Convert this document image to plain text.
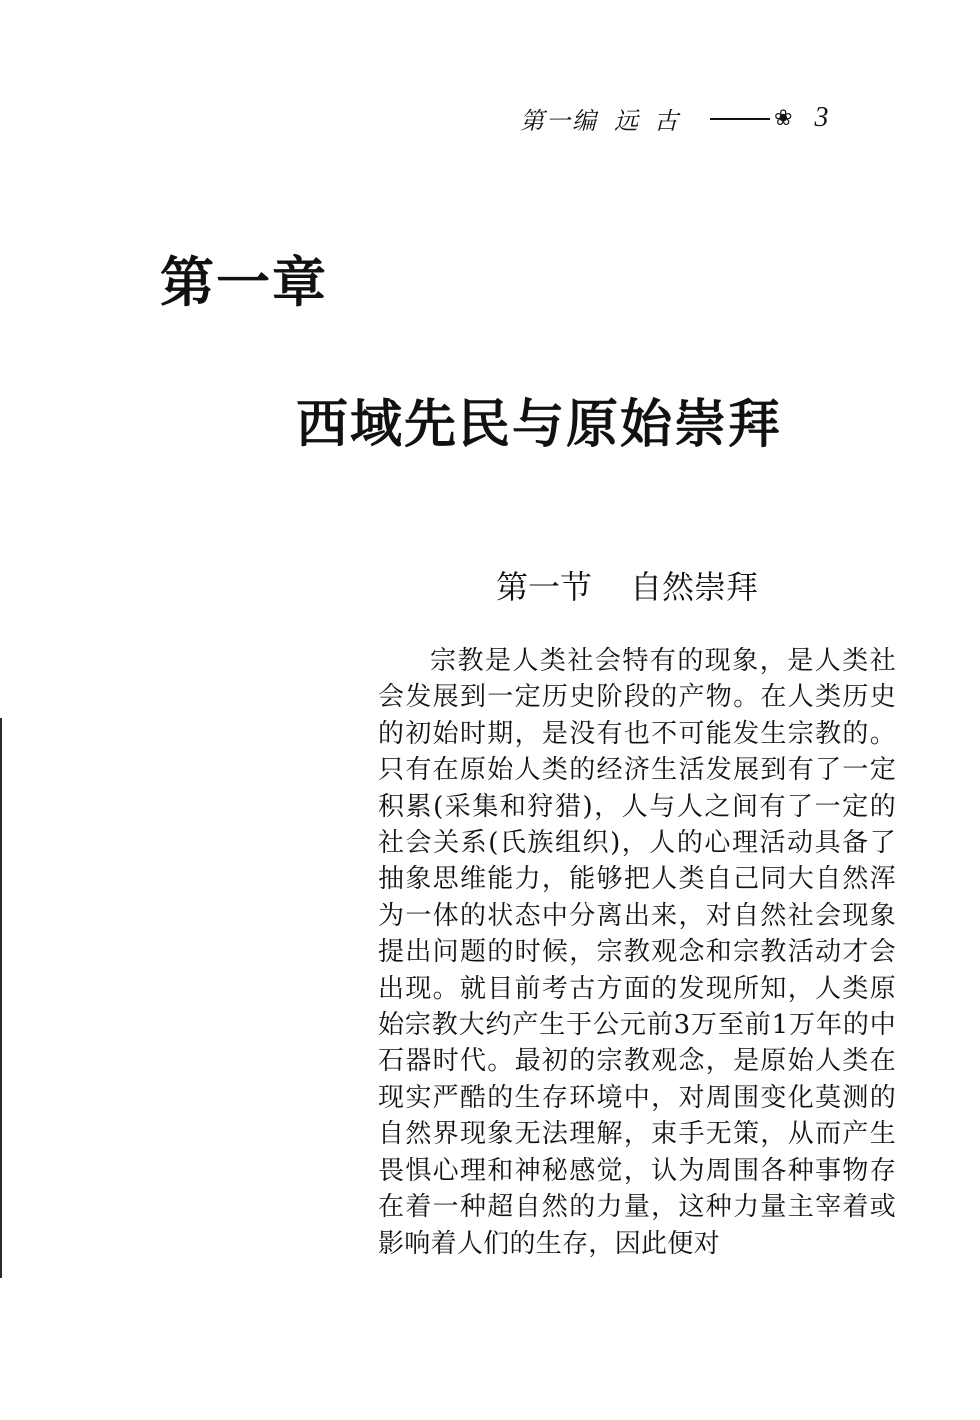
第一编 远古	❀ 3
第一章
西域先民与原始崇拜
第一节 自然崇拜

宗教是人类社会特有的现象，是人类社会发展到一定历史阶段的产物。在人类历史的初始时期，是没有也不可能发生宗教的。只有在原始人类的经济生活发展到有了一定积累(采集和狩猎)，人与人之间有了一定的社会关系(氏族组织)，人的心理活动具备了抽象思维能力，能够把人类自己同大自然浑为一体的状态中分离出来，对自然社会现象提出问题的时候，宗教观念和宗教活动才会出现。就目前考古方面的发现所知，人类原始宗教大约产生于公元前3万至前1万年的中石器时代。最初的宗教观念，是原始人类在现实严酷的生存环境中，对周围变化莫测的自然界现象无法理解，束手无策，从而产生畏惧心理和神秘感觉，认为周围各种事物存在着一种超自然的力量，这种力量主宰着或影响着人们的生存，因此便对
